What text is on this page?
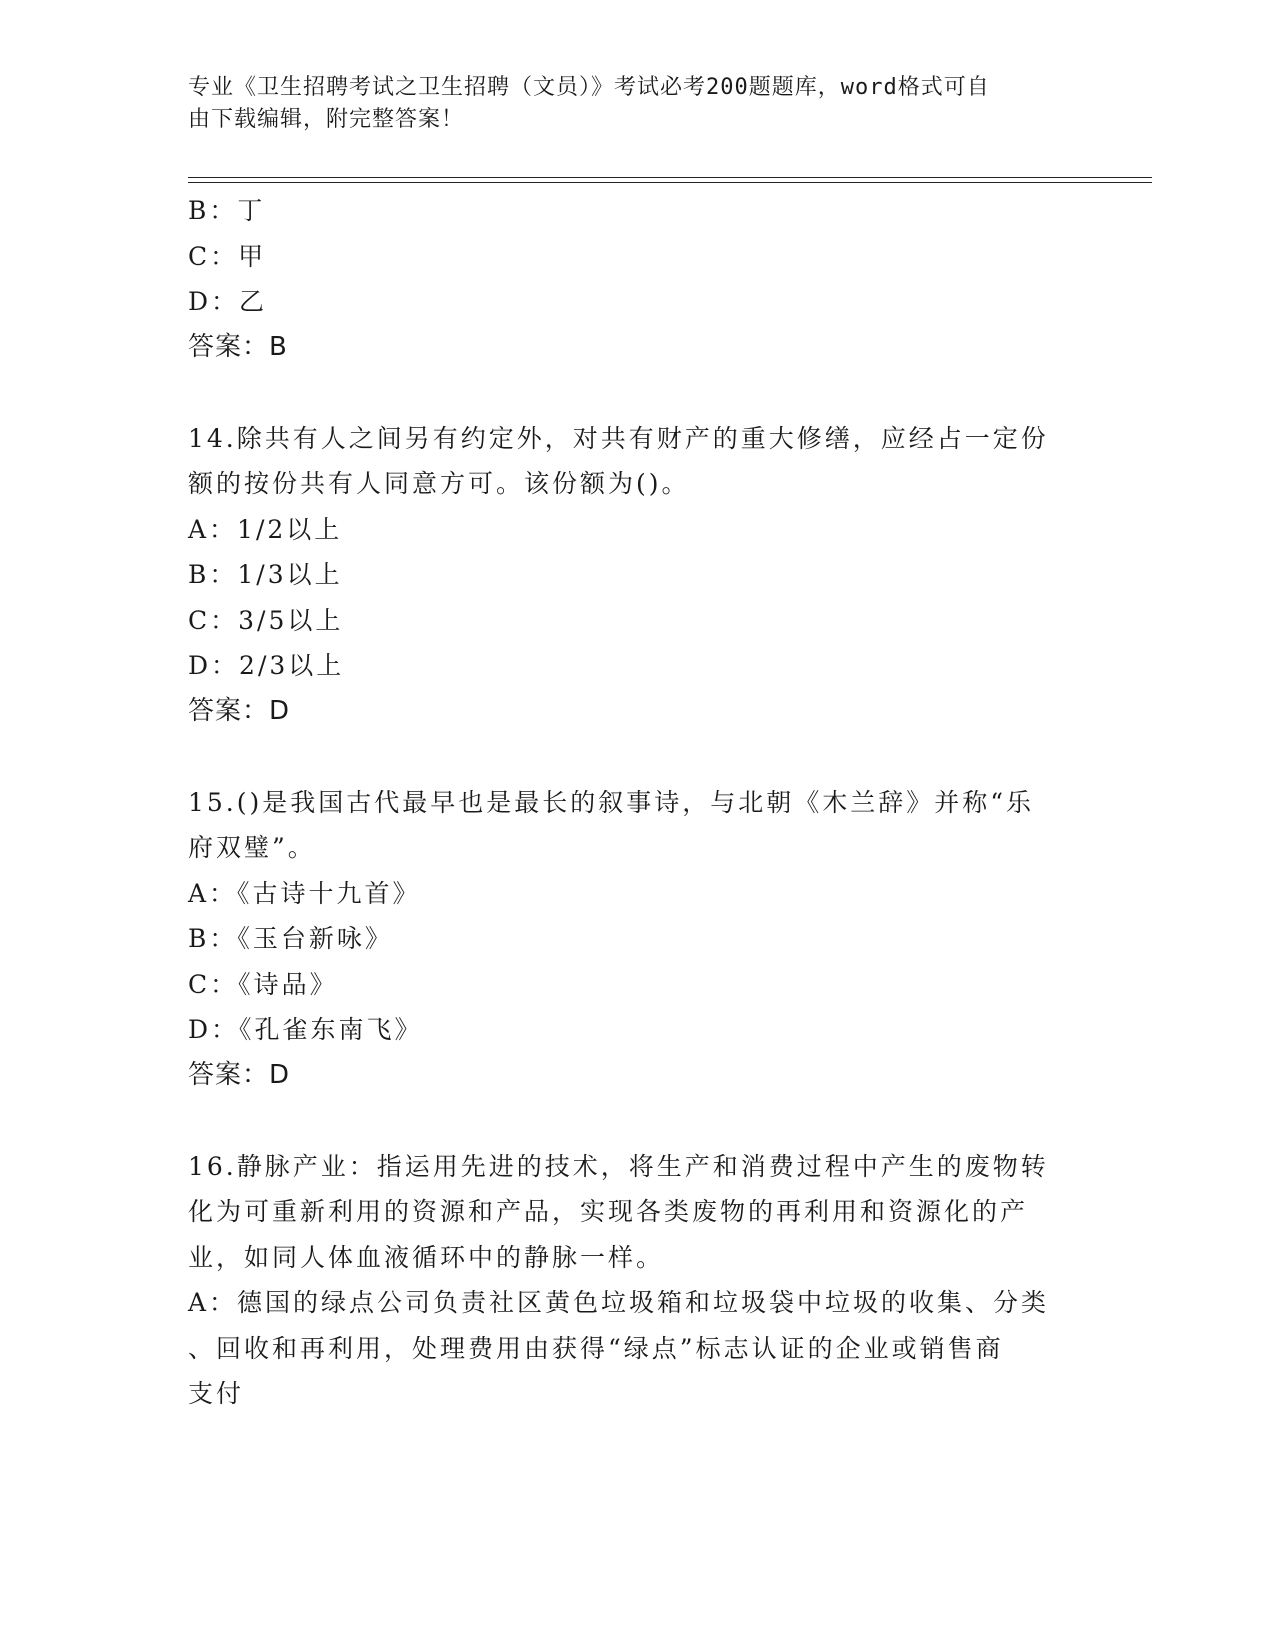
专业《卫生招聘考试之卫生招聘（文员）》考试必考200题题库，word格式可自
由下载编辑，附完整答案！
B：丁
C：甲
D：乙
答案：B
14.除共有人之间另有约定外，对共有财产的重大修缮，应经占一定份
额的按份共有人同意方可。该份额为()。
A：1/2以上
B：1/3以上
C：3/5以上
D：2/3以上
答案：D
15.()是我国古代最早也是最长的叙事诗，与北朝《木兰辞》并称“乐
府双璧”。
A：《古诗十九首》
B：《玉台新咏》
C：《诗品》
D：《孔雀东南飞》
答案：D
16.静脉产业：指运用先进的技术，将生产和消费过程中产生的废物转
化为可重新利用的资源和产品，实现各类废物的再利用和资源化的产
业，如同人体血液循环中的静脉一样。
A：德国的绿点公司负责社区黄色垃圾箱和垃圾袋中垃圾的收集、分类
、回收和再利用，处理费用由获得“绿点”标志认证的企业或销售商
支付
